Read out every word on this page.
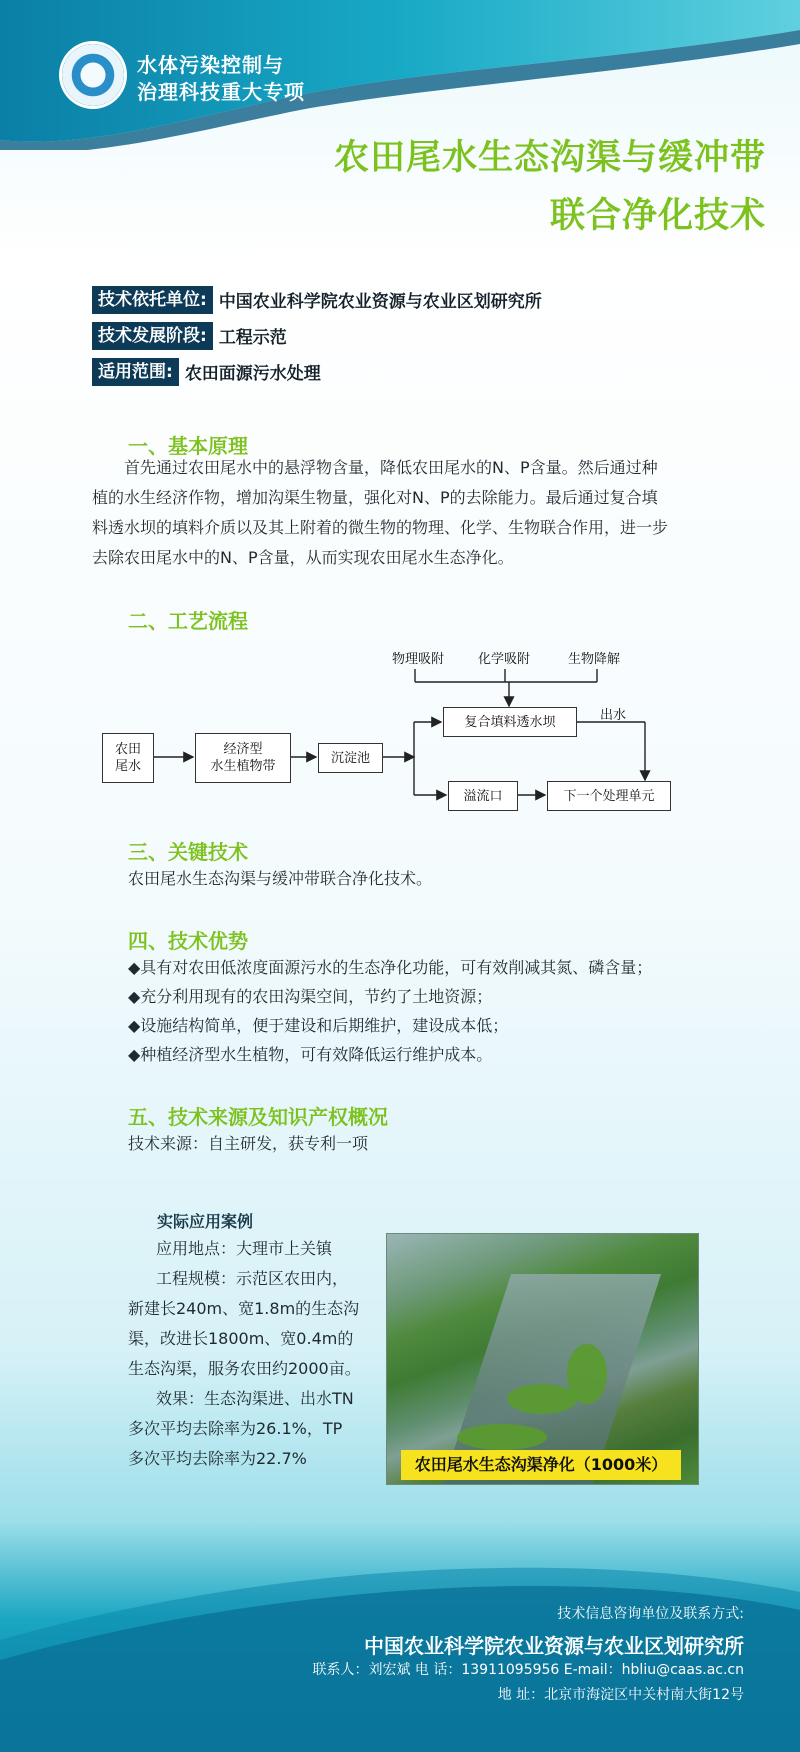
水体污染控制与
治理科技重大专项
农田尾水生态沟渠与缓冲带
联合净化技术
技术依托单位: 中国农业科学院农业资源与农业区划研究所
技术发展阶段: 工程示范
适用范围: 农田面源污水处理
一、基本原理
首先通过农田尾水中的悬浮物含量，降低农田尾水的N、P含量。然后通过种
植的水生经济作物，增加沟渠生物量，强化对N、P的去除能力。最后通过复合填
料透水坝的填料介质以及其上附着的微生物的物理、化学、生物联合作用，进一步
去除农田尾水中的N、P含量，从而实现农田尾水生态净化。
二、工艺流程
农田
尾水
经济型
水生植物带
沉淀池
复合填料透水坝
溢流口	下一个处理单元
出水
物理吸附	化学吸附	生物降解
三、关键技术
农田尾水生态沟渠与缓冲带联合净化技术。
四、技术优势
◆具有对农田低浓度面源污水的生态净化功能，可有效削减其氮、磷含量；
◆充分利用现有的农田沟渠空间，节约了土地资源；
◆设施结构简单，便于建设和后期维护，建设成本低；
◆种植经济型水生植物，可有效降低运行维护成本。
五、技术来源及知识产权概况
技术来源：自主研发，获专利一项
实际应用案例
应用地点：大理市上关镇
工程规模：示范区农田内，
新建长240m、宽1.8m的生态沟
渠，改进长1800m、宽0.4m的
生态沟渠，服务农田约2000亩。
效果：生态沟渠进、出水TN
多次平均去除率为26.1%，TP
多次平均去除率为22.7%	农田尾水生态沟渠净化（1000米）
技术信息咨询单位及联系方式:
中国农业科学院农业资源与农业区划研究所
联系人：刘宏斌 电 话：13911095956 E-mail：hbliu@caas.ac.cn
地 址：北京市海淀区中关村南大街12号
